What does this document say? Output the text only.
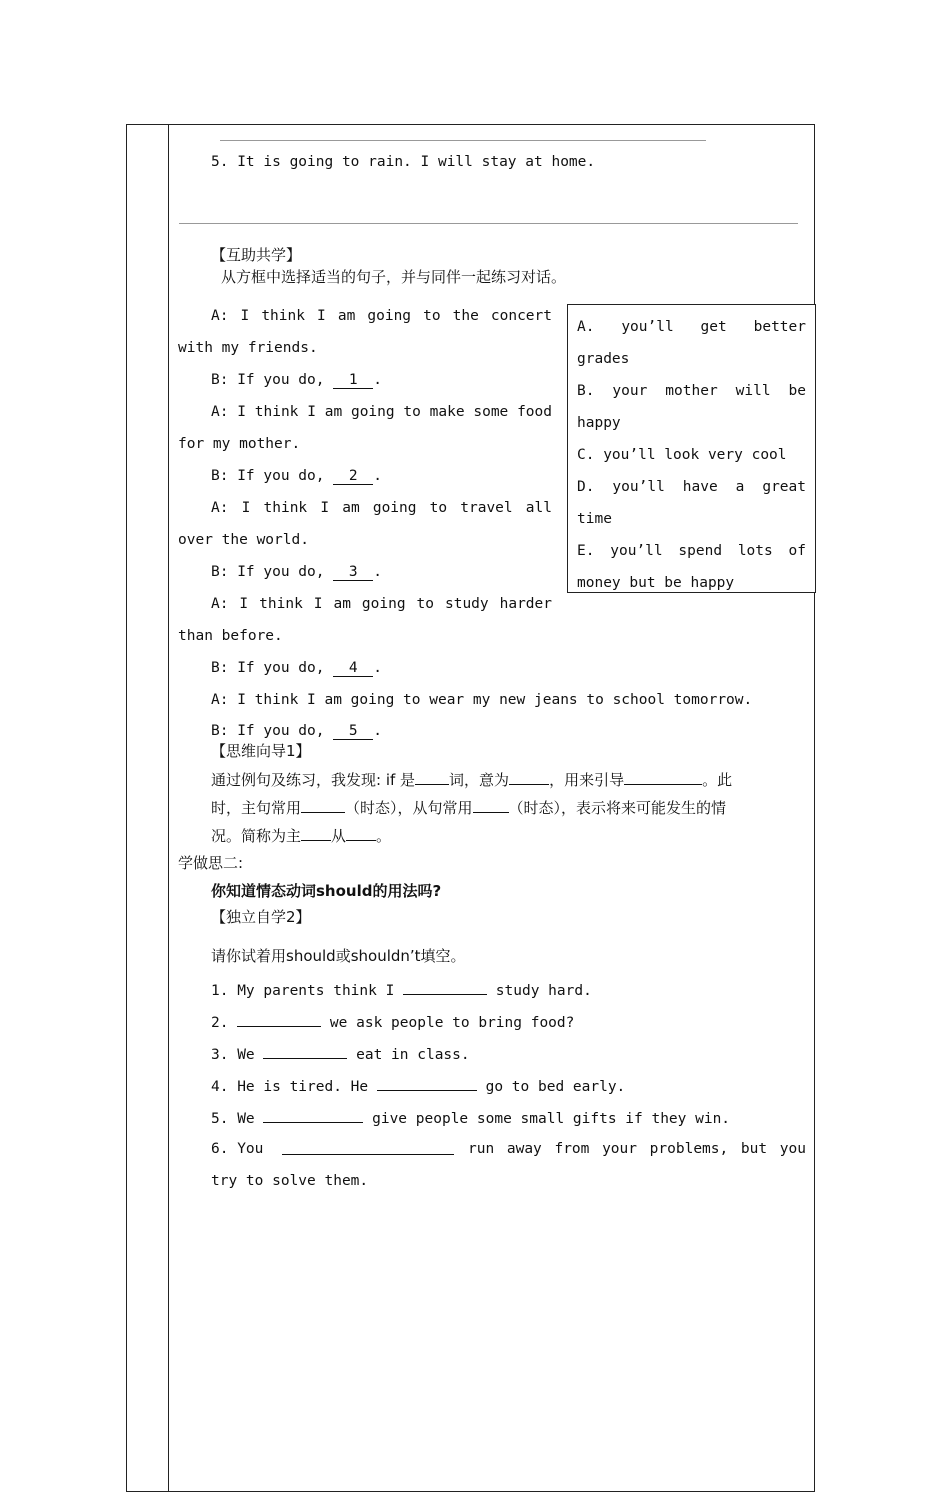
5. It is going to rain. I will stay at home.
【互助共学】
从方框中选择适当的句子，并与同伴一起练习对话。
A: I think I am going to the concert
with my friends.
B: If you do, 1 .
A: I think I am going to make some food
for my mother.
B: If you do, 2 .
A: I think I am going to travel all
over the world.
B: If you do, 3 .
A: I think I am going to study harder
than before.
B: If you do, 4 .
A: I think I am going to wear my new jeans to school tomorrow.
B: If you do, 5 .
A. you’ll get better
grades
B. your mother will be
happy
C. you’ll look very cool
D. you’ll have a great
time
E. you’ll spend lots of
money but be happy
【思维向导1】
通过例句及练习，我发现: if 是 词，意为	，用来引导	。此
时，主句常用	（时态），从句常用 （时态），表示将来可能发生的情
况。简称为主 从 。
学做思二:
你知道情态动词should的用法吗?
【独立自学2】
请你试着用should或shouldn’t填空。
1. My parents think I	study hard.
2.	we ask people to bring food?
3. We	eat in class.
4. He is tired. He	go to bed early.
5. We	give people some small gifts if they win.
6. You	run away from your problems, but you
try to solve them.
